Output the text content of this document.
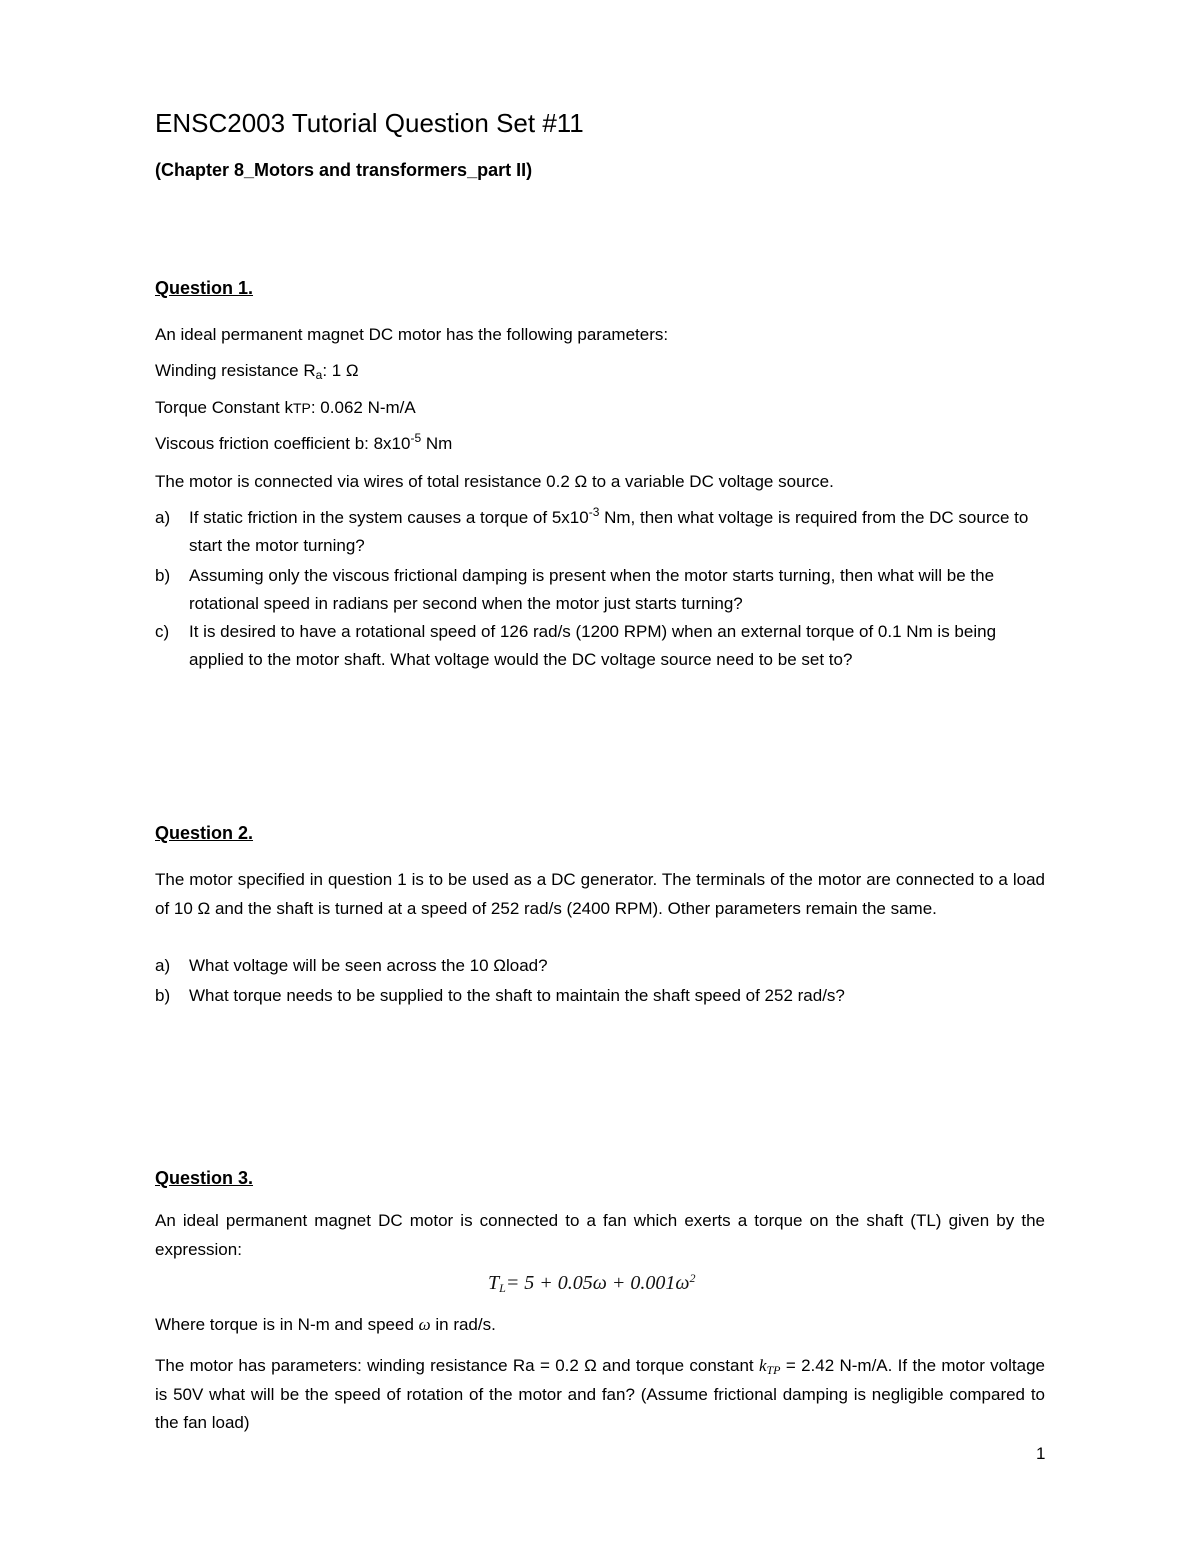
ENSC2003 Tutorial Question Set #11
(Chapter 8_Motors and transformers_part II)
Question 1.
An ideal permanent magnet DC motor has the following parameters:
Winding resistance $R_a$: 1 Ω
Torque Constant kTP: 0.062 N-m/A
Viscous friction coefficient b: $8x10^{-5}$ Nm
The motor is connected via wires of total resistance 0.2 Ω to a variable DC voltage source.
a) If static friction in the system causes a torque of $5x10^{-3}$ Nm, then what voltage is required from the DC source to start the motor turning?
b) Assuming only the viscous frictional damping is present when the motor starts turning, then what will be the rotational speed in radians per second when the motor just starts turning?
c) It is desired to have a rotational speed of 126 rad/s (1200 RPM) when an external torque of 0.1 Nm is being applied to the motor shaft. What voltage would the DC voltage source need to be set to?
Question 2.
The motor specified in question 1 is to be used as a DC generator. The terminals of the motor are connected to a load of 10 Ω and the shaft is turned at a speed of 252 rad/s (2400 RPM). Other parameters remain the same.
a) What voltage will be seen across the 10 Ωload?
b) What torque needs to be supplied to the shaft to maintain the shaft speed of 252 rad/s?
Question 3.
An ideal permanent magnet DC motor is connected to a fan which exerts a torque on the shaft (TL) given by the expression:
$T_L= 5 + 0.05\omega + 0.001\omega^2$
Where torque is in N-m and speed ω in rad/s.
The motor has parameters: winding resistance Ra = 0.2 Ω and torque constant $k_{TP} = 2.42$ N-m/A. If the motor voltage is 50V what will be the speed of rotation of the motor and fan? (Assume frictional damping is negligible compared to the fan load)
1
